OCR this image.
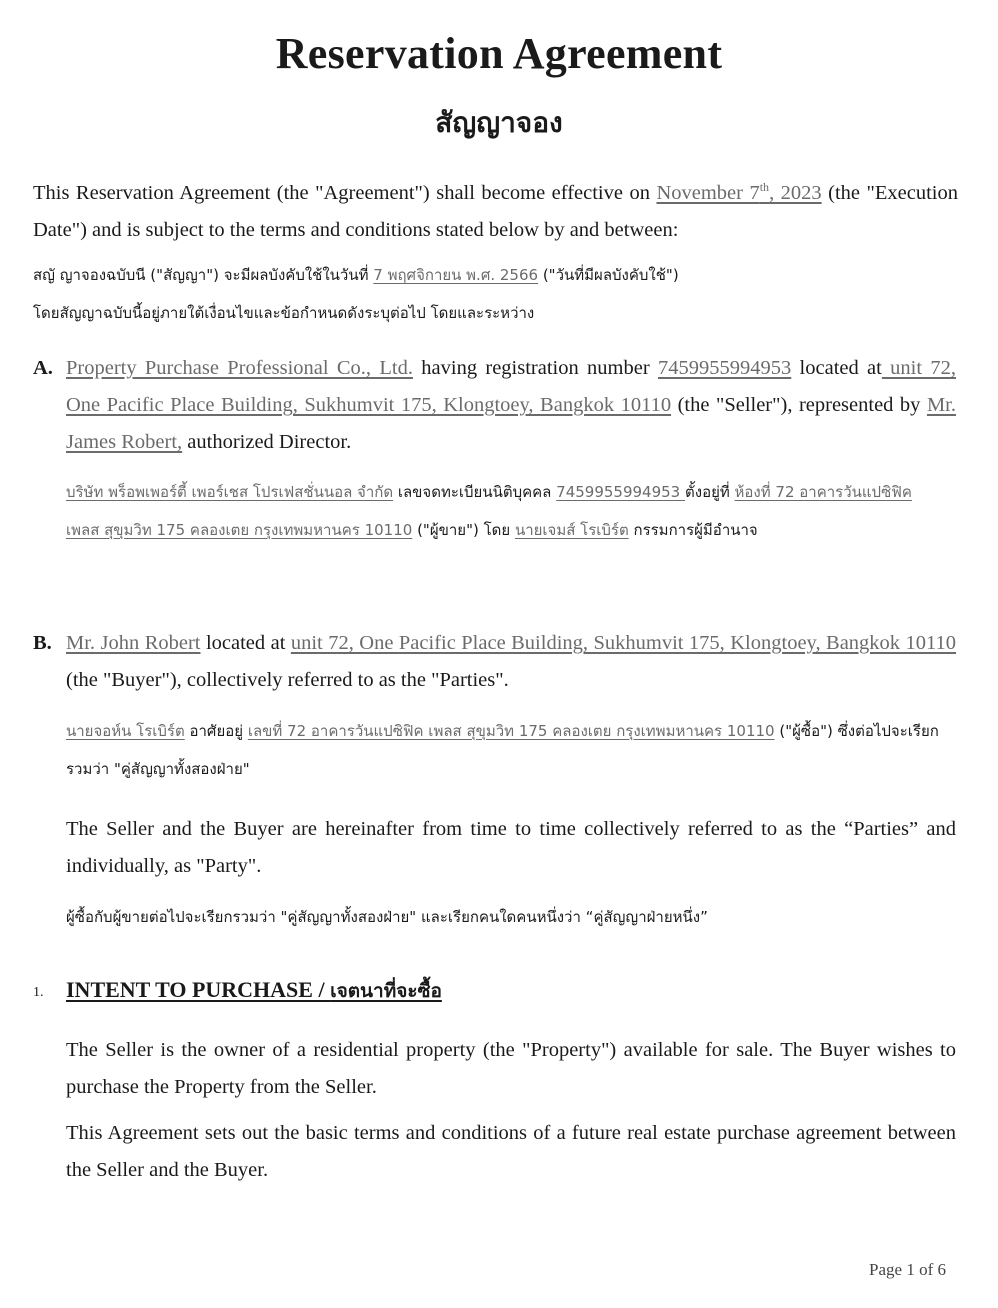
Reservation Agreement
สัญญาจอง
This Reservation Agreement (the "Agreement") shall become effective on November 7th, 2023 (the "Execution Date") and is subject to the terms and conditions stated below by and between:
สญั ญาจองฉบับนี ("สัญญา") จะมีผลบังคับใช้ในวันที่ 7 พฤศจิกายน พ.ศ. 2566 ("วันที่มีผลบังคับใช้")
โดยสัญญาฉบับนี้อยู่ภายใต้เงื่อนไขและข้อกำหนดดังระบุต่อไป โดยและระหว่าง
A. Property Purchase Professional Co., Ltd. having registration number 7459955994953 located at unit 72, One Pacific Place Building, Sukhumvit 175, Klongtoey, Bangkok 10110 (the "Seller"), represented by Mr. James Robert, authorized Director.
บริษัท พร็อพเพอร์ตี้ เพอร์เชส โปรเฟสชั่นนอล จำกัด เลขจดทะเบียนนิติบุคคล 7459955994953 ตั้งอยู่ที่ ห้องที่ 72 อาคารวันแปซิฟิค เพลส สุขุมวิท 175 คลองเตย กรุงเทพมหานคร 10110 ("ผู้ขาย") โดย นายเจมส์ โรเบิร์ต กรรมการผู้มีอำนาจ
B. Mr. John Robert located at unit 72, One Pacific Place Building, Sukhumvit 175, Klongtoey, Bangkok 10110 (the "Buyer"), collectively referred to as the "Parties".
นายจอห์น โรเบิร์ต อาศัยอยู่ เลขที่ 72 อาคารวันแปซิฟิค เพลส สุขุมวิท 175 คลองเตย กรุงเทพมหานคร 10110 ("ผู้ซื้อ") ซึ่งต่อไปจะเรียกรวมว่า "คู่สัญญาทั้งสองฝ่าย"
The Seller and the Buyer are hereinafter from time to time collectively referred to as the “Parties” and individually, as "Party".
ผู้ซื้อกับผู้ขายต่อไปจะเรียกรวมว่า "คู่สัญญาทั้งสองฝ่าย" และเรียกคนใดคนหนึ่งว่า “คู่สัญญาฝ่ายหนึ่ง”
1. INTENT TO PURCHASE / เจตนาที่จะซื้อ
The Seller is the owner of a residential property (the "Property") available for sale. The Buyer wishes to purchase the Property from the Seller.
This Agreement sets out the basic terms and conditions of a future real estate purchase agreement between the Seller and the Buyer.
Page 1 of 6
